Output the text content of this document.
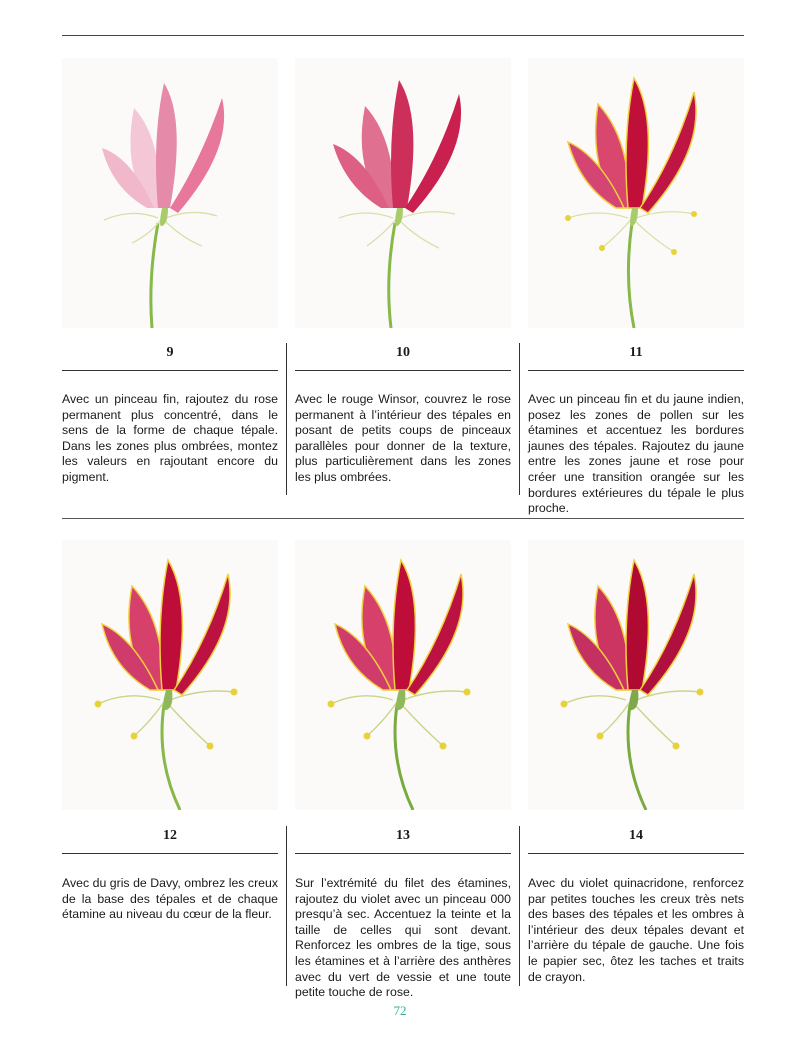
9

Avec un pinceau fin, rajoutez du rose permanent plus concentré, dans le sens de la forme de chaque tépale. Dans les zones plus ombrées, montez les valeurs en rajoutant encore du pigment.

10

Avec le rouge Winsor, couvrez le rose permanent à l’intérieur des tépales en posant de petits coups de pinceaux parallèles pour donner de la texture, plus particulièrement dans les zones les plus ombrées.

11

Avec un pinceau fin et du jaune indien, posez les zones de pollen sur les étamines et accentuez les bordures jaunes des tépales. Rajoutez du jaune entre les zones jaune et rose pour créer une transition orangée sur les bordures extérieures du tépale le plus proche.

12

Avec du gris de Davy, ombrez les creux de la base des tépales et de chaque étamine au niveau du cœur de la fleur.

13

Sur l’extrémité du filet des étamines, rajoutez du violet avec un pinceau 000 presqu’à sec. Accentuez la teinte et la taille de celles qui sont devant. Renforcez les ombres de la tige, sous les étamines et à l’arrière des anthères avec du vert de vessie et une toute petite touche de rose.

14

Avec du violet quinacridone, renforcez par petites touches les creux très nets des bases des tépales et les ombres à l’intérieur des deux tépales devant et l’arrière du tépale de gauche. Une fois le papier sec, ôtez les taches et traits de crayon.

72
